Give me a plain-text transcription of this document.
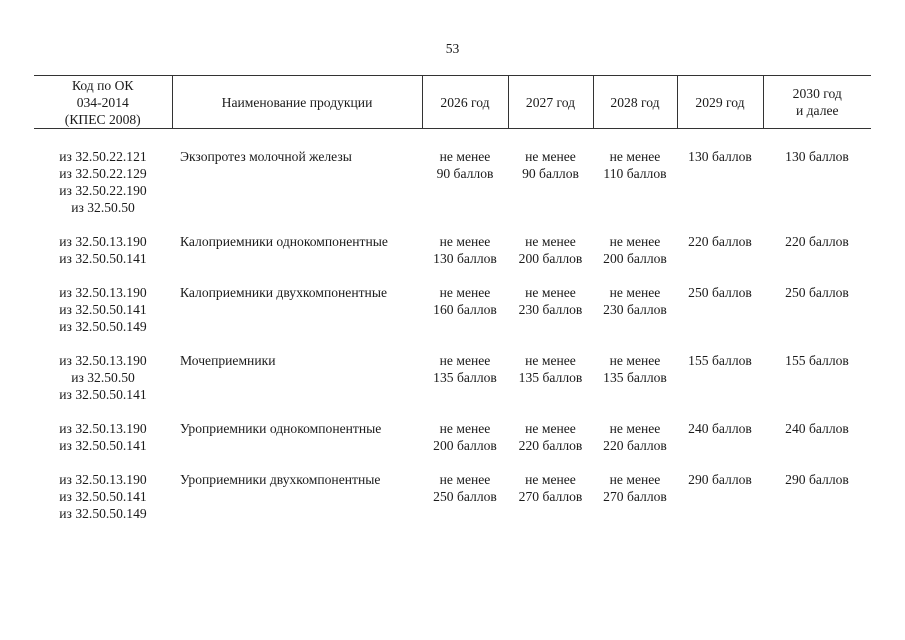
53
Код по ОК
034-2014
(КПЕС 2008)	Наименование продукции	2026 год	2027 год	2028 год	2029 год	2030 год
и далее

из 32.50.22.121
из 32.50.22.129
из 32.50.22.190
из 32.50.50	Экзопротез молочной железы	не менее
90 баллов	не менее
90 баллов	не менее
110 баллов	130 баллов	130 баллов

из 32.50.13.190
из 32.50.50.141	Калоприемники однокомпонентные	не менее
130 баллов	не менее
200 баллов	не менее
200 баллов	220 баллов	220 баллов

из 32.50.13.190
из 32.50.50.141
из 32.50.50.149	Калоприемники двухкомпонентные	не менее
160 баллов	не менее
230 баллов	не менее
230 баллов	250 баллов	250 баллов

из 32.50.13.190
из 32.50.50
из 32.50.50.141	Мочеприемники	не менее
135 баллов	не менее
135 баллов	не менее
135 баллов	155 баллов	155 баллов

из 32.50.13.190
из 32.50.50.141	Уроприемники однокомпонентные	не менее
200 баллов	не менее
220 баллов	не менее
220 баллов	240 баллов	240 баллов

из 32.50.13.190
из 32.50.50.141
из 32.50.50.149	Уроприемники двухкомпонентные	не менее
250 баллов	не менее
270 баллов	не менее
270 баллов	290 баллов	290 баллов
